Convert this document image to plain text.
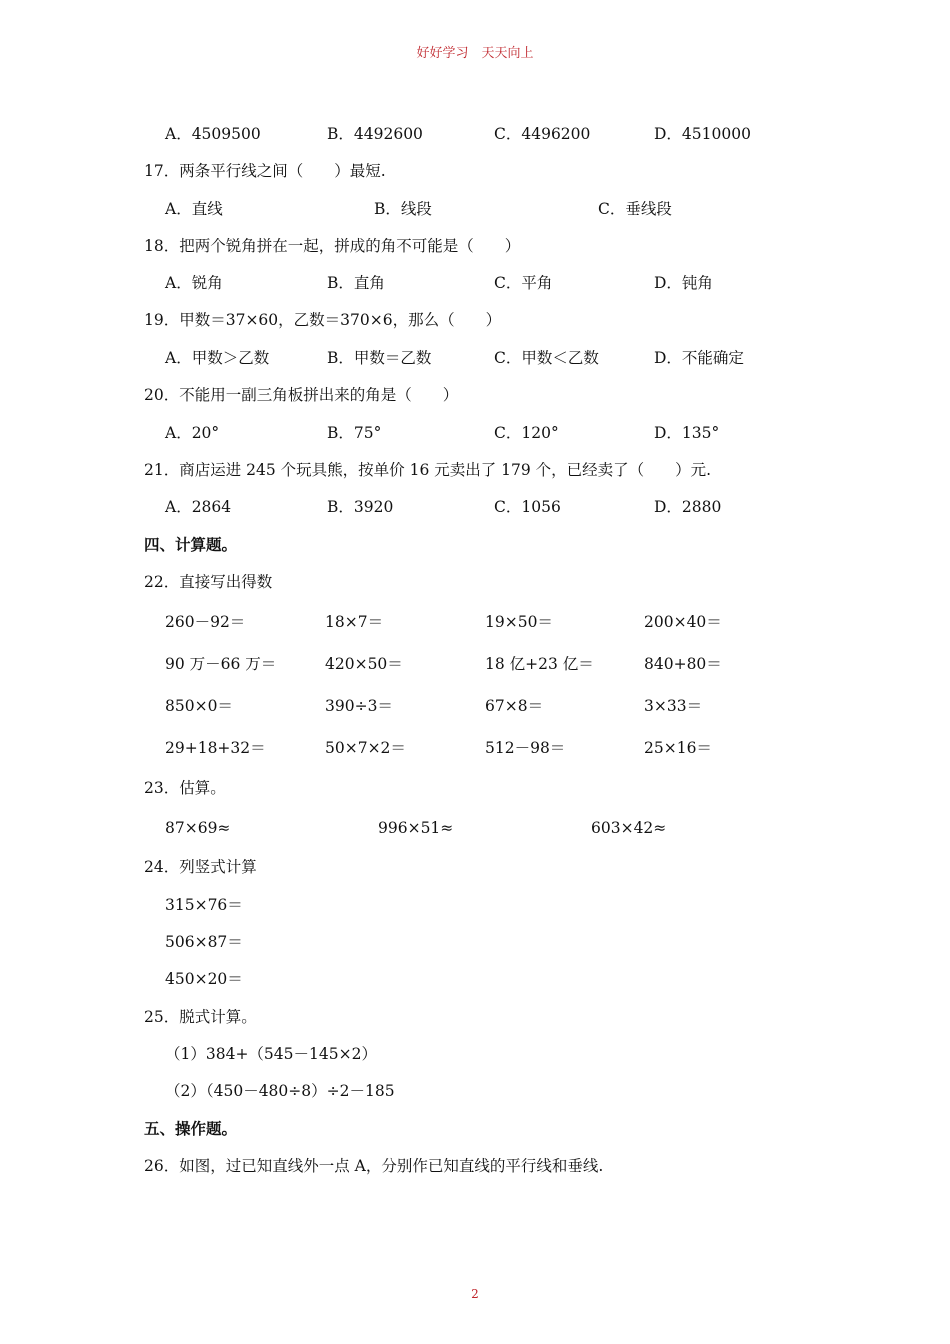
好好学习　天天向上
A．4509500	B．4492600	C．4496200	D．4510000
17．两条平行线之间（　　）最短.
A．直线	B．线段	C．垂线段
18．把两个锐角拼在一起，拼成的角不可能是（　　）
A．锐角	B．直角	C．平角	D．钝角
19．甲数＝37×60，乙数＝370×6，那么（　　）
A．甲数＞乙数	B．甲数＝乙数	C．甲数＜乙数	D．不能确定
20．不能用一副三角板拼出来的角是（　　）
A．20°	B．75°	C．120°	D．135°
21．商店运进 245 个玩具熊，按单价 16 元卖出了 179 个，已经卖了（　　）元.
A．2864	B．3920	C．1056	D．2880
四、计算题。
22．直接写出得数
260－92＝	18×7＝	19×50＝	200×40＝
90 万－66 万＝	420×50＝	18 亿+23 亿＝	840+80＝
850×0＝	390÷3＝	67×8＝	3×33＝
29+18+32＝	50×7×2＝	512－98＝	25×16＝
23．估算。
87×69≈	996×51≈	603×42≈
24．列竖式计算
315×76＝
506×87＝
450×20＝
25．脱式计算。
（1）384+（545－145×2）
（2）（450－480÷8）÷2－185
五、操作题。
26．如图，过已知直线外一点 A，分别作已知直线的平行线和垂线.
2
